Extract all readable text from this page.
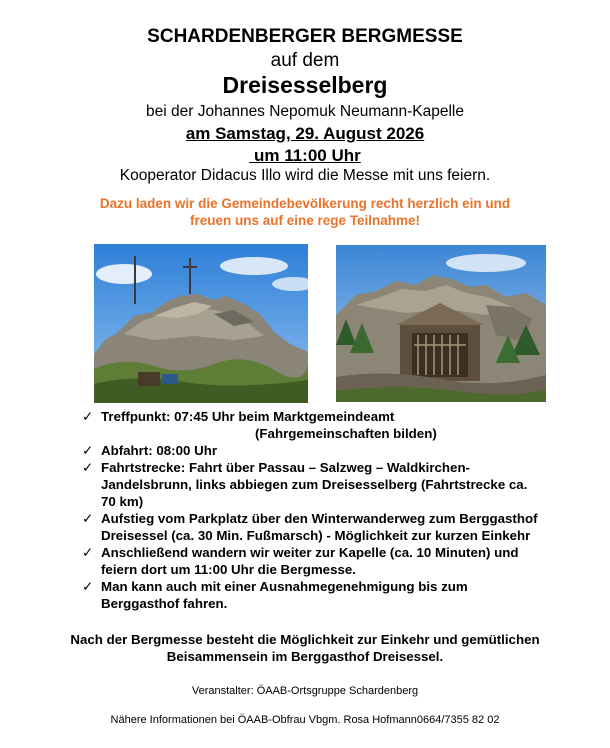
SCHARDENBERGER BERGMESSE
auf dem
Dreisesselberg
bei der Johannes Nepomuk Neumann-Kapelle
am Samstag, 29. August 2026
um 11:00 Uhr
Kooperator Didacus Illo wird die Messe mit uns feiern.
Dazu laden wir die Gemeindebevölkerung recht herzlich ein und freuen uns auf eine rege Teilnahme!
✓ Treffpunkt: 07:45 Uhr beim Marktgemeindeamt
(Fahrgemeinschaften bilden)
✓ Abfahrt: 08:00 Uhr
✓ Fahrtstrecke: Fahrt über Passau – Salzweg – Waldkirchen-Jandelsbrunn, links abbiegen zum Dreisesselberg (Fahrtstrecke ca. 70 km)
✓ Aufstieg vom Parkplatz über den Winterwanderweg zum Berggasthof Dreisessel (ca. 30 Min. Fußmarsch) - Möglichkeit zur kurzen Einkehr
✓ Anschließend wandern wir weiter zur Kapelle (ca. 10 Minuten) und feiern dort um 11:00 Uhr die Bergmesse.
✓ Man kann auch mit einer Ausnahmegenehmigung bis zum Berggasthof fahren.
Nach der Bergmesse besteht die Möglichkeit zur Einkehr und gemütlichen Beisammensein im Berggasthof Dreisessel.
Veranstalter: ÖAAB-Ortsgruppe Schardenberg
Nähere Informationen bei ÖAAB-Obfrau Vbgm. Rosa Hofmann0664/7355 82 02
